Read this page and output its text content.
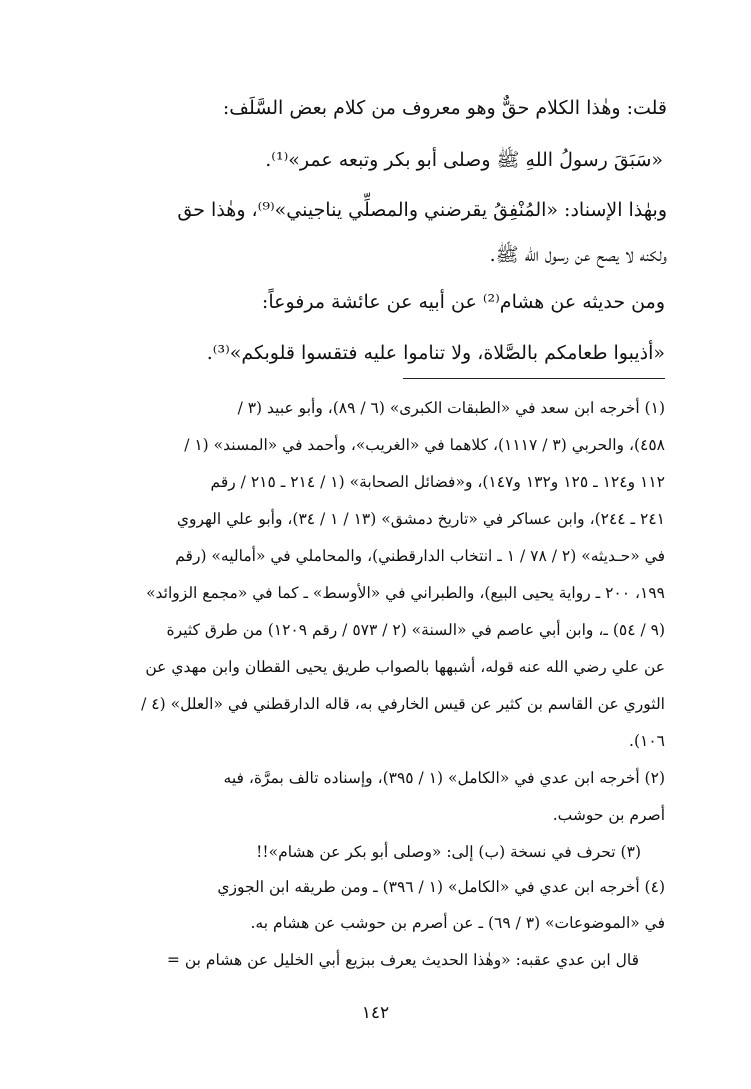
قلت: وهٰذا الكلام حقٌّ وهو معروف من كلام بعض السَّلَف:
«سَبَقَ رسولُ اللهِ ﷺ وصلى أبو بكر وتبعه عمر»⁽¹⁾.
وبهٰذا الإسناد: «المُنْفِقُ يقرضني والمصلِّي يناجيني»⁽⁹⁾، وهٰذا حق
ولكنه لا يصح عن رسول الله ﷺ.
ومن حديثه عن هشام⁽²⁾ عن أبيه عن عائشة مرفوعاً:
«أذيبوا طعامكم بالصَّلاة، ولا تناموا عليه فتقسوا قلوبكم»⁽³⁾.
(١) أخرجه ابن سعد في «الطبقات الكبرى» (٦ / ٨٩)، وأبو عبيد (٣ /
٤٥٨)، والحربي (٣ / ١١١٧)، كلاهما في «الغريب»، وأحمد في «المسند» (١ /
١١٢ و١٢٤ ـ ١٢٥ و١٣٢ و١٤٧)، و«فضائل الصحابة» (١ / ٢١٤ ـ ٢١٥ / رقم
٢٤١ ـ ٢٤٤)، وابن عساكر في «تاريخ دمشق» (١٣ / ١ / ٣٤)، وأبو علي الهروي
في «حـديثه» (٢ / ٧٨ / ١ ـ انتخاب الدارقطني)، والمحاملي في «أماليه» (رقم
١٩٩، ٢٠٠ ـ رواية يحيى البيع)، والطبراني في «الأوسط» ـ كما في «مجمع الزوائد»
(٩ / ٥٤) ـ، وابن أبي عاصم في «السنة» (٢ / ٥٧٣ / رقم ١٢٠٩) من طرق كثيرة
عن علي رضي الله عنه قوله، أشبهها بالصواب طريق يحيى القطان وابن مهدي عن
الثوري عن القاسم بن كثير عن قيس الخارفي به، قاله الدارقطني في «العلل» (٤ /
١٠٦).
(٢) أخرجه ابن عدي في «الكامل» (١ / ٣٩٥)، وإسناده تالف بمرَّة، فيه
أصرم بن حوشب.
(٣) تحرف في نسخة (ب) إلى: «وصلى أبو بكر عن هشام»!!
(٤) أخرجه ابن عدي في «الكامل» (١ / ٣٩٦) ـ ومن طريقه ابن الجوزي
في «الموضوعات» (٣ / ٦٩) ـ عن أصرم بن حوشب عن هشام به.
قال ابن عدي عقبه: «وهٰذا الحديث يعرف ببزيع أبي الخليل عن هشام بن =
١٤٢
